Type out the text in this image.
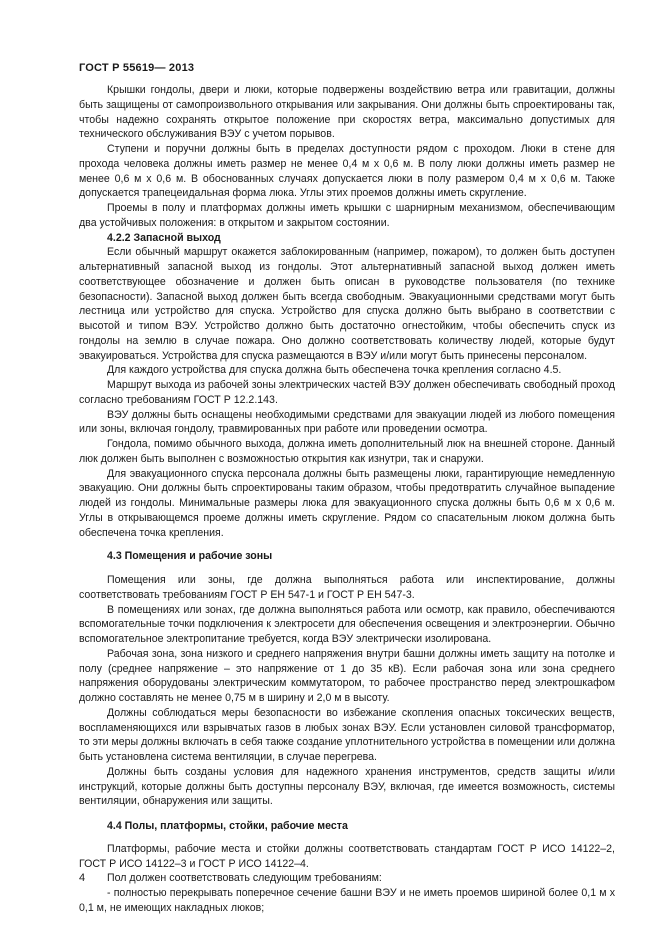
ГОСТ Р 55619— 2013

Крышки гондолы, двери и люки, которые подвержены воздействию ветра или гравитации, должны быть защищены от самопроизвольного открывания или закрывания. Они должны быть спроектированы так, чтобы надежно сохранять открытое положение при скоростях ветра, максимально допустимых для технического обслуживания ВЭУ с учетом порывов.

Ступени и поручни должны быть в пределах доступности рядом с проходом. Люки в стене для прохода человека должны иметь размер не менее 0,4 м х 0,6 м. В полу люки должны иметь размер не менее 0,6 м х 0,6 м. В обоснованных случаях допускается люки в полу размером 0,4 м х 0,6 м. Также допускается трапецеидальная форма люка. Углы этих проемов должны иметь скругление.

Проемы в полу и платформах должны иметь крышки с шарнирным механизмом, обеспечивающим два устойчивых положения: в открытом и закрытом состоянии.

4.2.2 Запасной выход

Если обычный маршрут окажется заблокированным (например, пожаром), то должен быть доступен альтернативный запасной выход из гондолы. Этот альтернативный запасной выход должен иметь соответствующее обозначение и должен быть описан в руководстве пользователя (по технике безопасности). Запасной выход должен быть всегда свободным. Эвакуационными средствами могут быть лестница или устройство для спуска. Устройство для спуска должно быть выбрано в соответствии с высотой и типом ВЭУ. Устройство должно быть достаточно огнестойким, чтобы обеспечить спуск из гондолы на землю в случае пожара. Оно должно соответствовать количеству людей, которые будут эвакуироваться. Устройства для спуска размещаются в ВЭУ и/или могут быть принесены персоналом.

Для каждого устройства для спуска должна быть обеспечена точка крепления согласно 4.5.

Маршрут выхода из рабочей зоны электрических частей ВЭУ должен обеспечивать свободный проход согласно требованиям ГОСТ Р 12.2.143.

ВЭУ должны быть оснащены необходимыми средствами для эвакуации людей из любого помещения или зоны, включая гондолу, травмированных при работе или проведении осмотра.

Гондола, помимо обычного выхода, должна иметь дополнительный люк на внешней стороне. Данный люк должен быть выполнен с возможностью открытия как изнутри, так и снаружи.

Для эвакуационного спуска персонала должны быть размещены люки, гарантирующие немедленную эвакуацию. Они должны быть спроектированы таким образом, чтобы предотвратить случайное выпадение людей из гондолы. Минимальные размеры люка для эвакуационного спуска должны быть 0,6 м х 0,6 м. Углы в открывающемся проеме должны иметь скругление. Рядом со спасательным люком должна быть обеспечена точка крепления.

4.3 Помещения и рабочие зоны

Помещения или зоны, где должна выполняться работа или инспектирование, должны соответствовать требованиям ГОСТ Р ЕН 547-1 и ГОСТ Р ЕН 547-3.

В помещениях или зонах, где должна выполняться работа или осмотр, как правило, обеспечиваются вспомогательные точки подключения к электросети для обеспечения освещения и электроэнергии. Обычно вспомогательное электропитание требуется, когда ВЭУ электрически изолирована.

Рабочая зона, зона низкого и среднего напряжения внутри башни должны иметь защиту на потолке и полу (среднее напряжение – это напряжение от 1 до 35 кВ). Если рабочая зона или зона среднего напряжения оборудованы электрическим коммутатором, то рабочее пространство перед электрошкафом должно составлять не менее 0,75 м в ширину и 2,0 м в высоту.

Должны соблюдаться меры безопасности во избежание скопления опасных токсических веществ, воспламеняющихся или взрывчатых газов в любых зонах ВЭУ. Если установлен силовой трансформатор, то эти меры должны включать в себя также создание уплотнительного устройства в помещении или должна быть установлена система вентиляции, в случае перегрева.

Должны быть созданы условия для надежного хранения инструментов, средств защиты и/или инструкций, которые должны быть доступны персоналу ВЭУ, включая, где имеется возможность, системы вентиляции, обнаружения или защиты.

4.4 Полы, платформы, стойки, рабочие места

Платформы, рабочие места и стойки должны соответствовать стандартам ГОСТ Р ИСО 14122–2, ГОСТ Р ИСО 14122–3 и ГОСТ Р ИСО 14122–4.

Пол должен соответствовать следующим требованиям:

- полностью перекрывать поперечное сечение башни ВЭУ и не иметь проемов шириной более 0,1 м х 0,1 м, не имеющих накладных люков;

4
